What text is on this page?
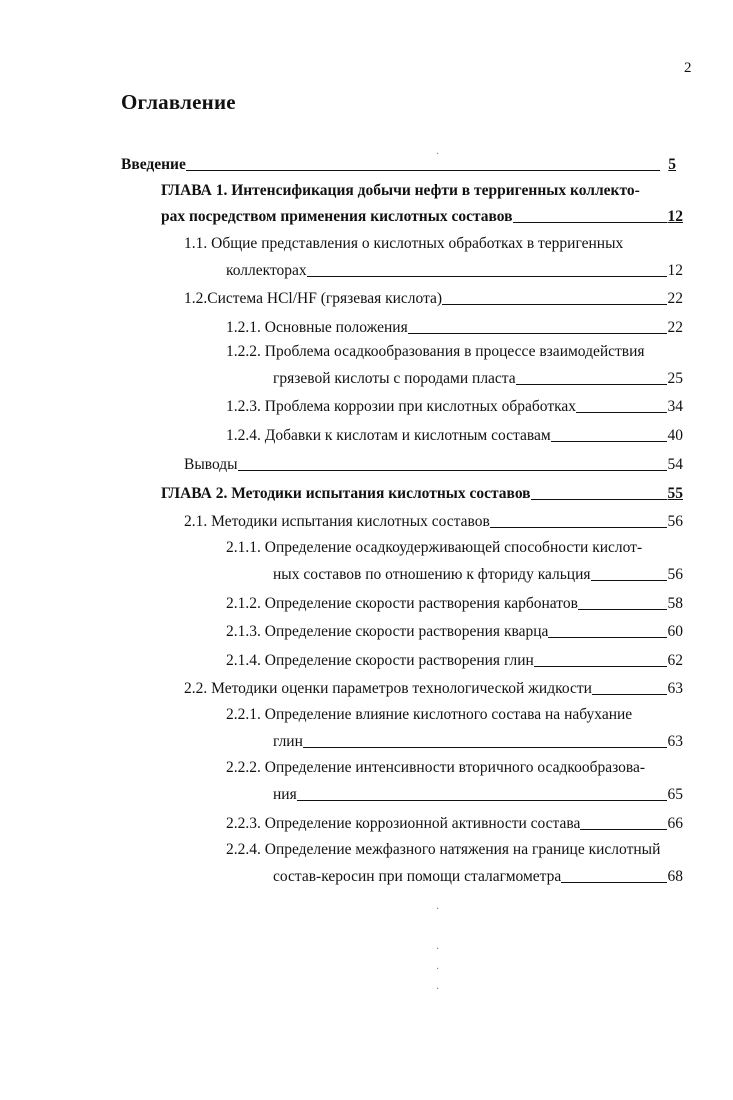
2
Оглавление
Введение	5
ГЛАВА 1. Интенсификация добычи нефти в терригенных коллекто-
рах посредством применения кислотных составов	12
1.1. Общие представления о кислотных обработках в терригенных
коллекторах	12
1.2.Система HCl/HF (грязевая кислота)	22
1.2.1. Основные положения	22
1.2.2. Проблема осадкообразования в процессе взаимодействия
грязевой кислоты с породами пласта	25
1.2.3. Проблема коррозии при кислотных обработках	34
1.2.4. Добавки к кислотам и кислотным составам	40
Выводы	54
ГЛАВА 2. Методики испытания кислотных составов	55
2.1. Методики испытания кислотных составов	56
2.1.1. Определение осадкоудерживающей способности кислот-
ных составов по отношению к фториду кальция	56
2.1.2. Определение скорости растворения карбонатов	58
2.1.3. Определение скорости растворения кварца	60
2.1.4. Определение скорости растворения глин	62
2.2. Методики оценки параметров технологической жидкости	63
2.2.1. Определение влияние кислотного состава на набухание
глин	63
2.2.2. Определение интенсивности вторичного осадкообразова-
ния	65
2.2.3. Определение коррозионной активности состава	66
2.2.4. Определение межфазного натяжения на границе кислотный
состав-керосин при помощи сталагмометра	68
·
·
·
·
·
